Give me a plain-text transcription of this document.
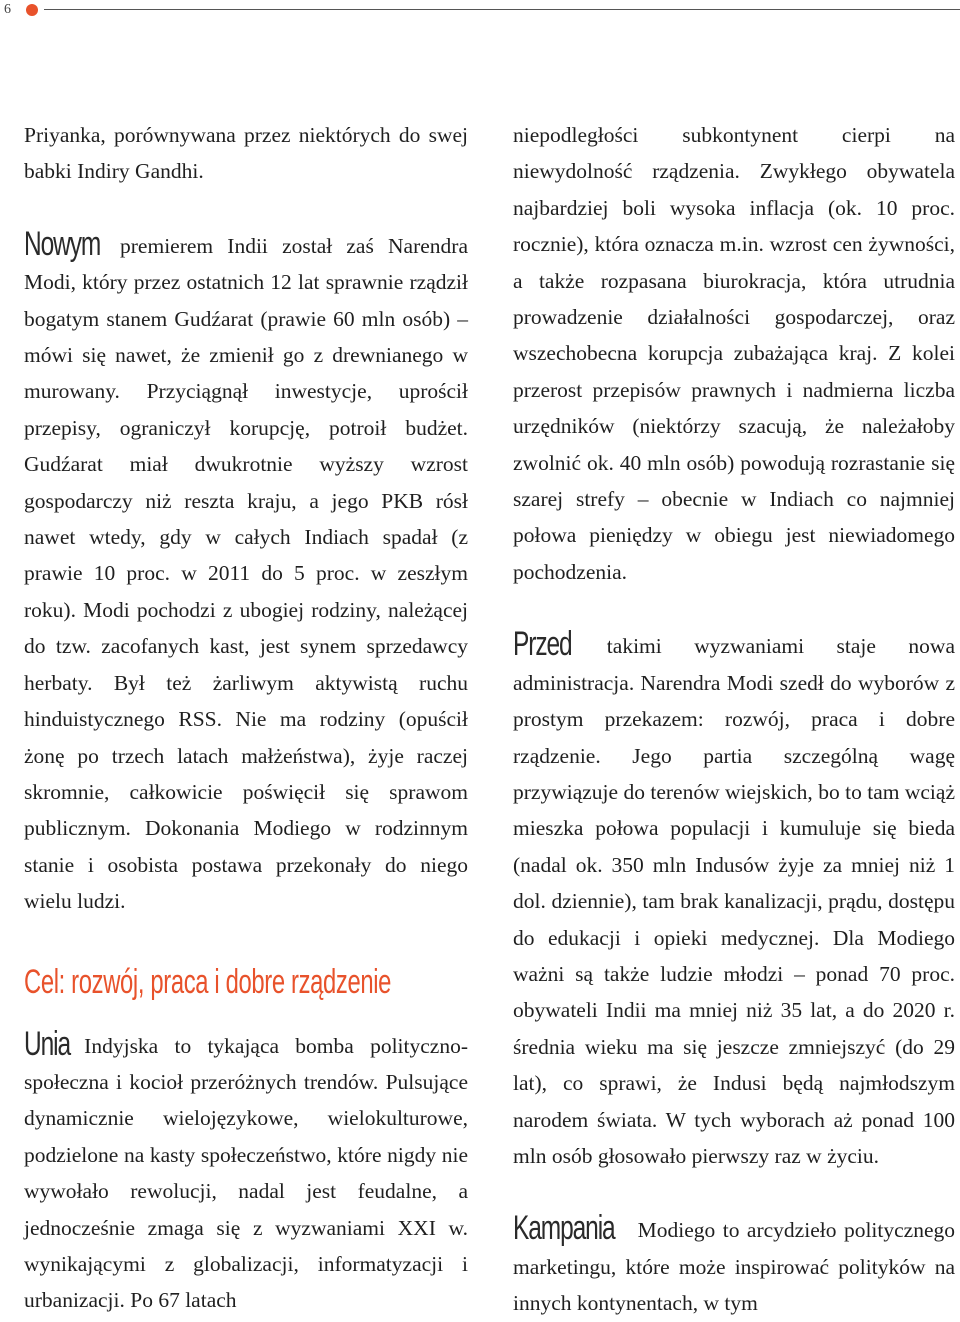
6

Priyanka, porównywana przez niektórych do swej babki Indiry Gandhi.

Nowym premierem Indii został zaś Narendra Modi, który przez ostatnich 12 lat sprawnie rządził bogatym stanem Gudźarat (prawie 60 mln osób) – mówi się nawet, że zmienił go z drewnianego w murowany. Przyciągnął inwestycje, uprościł przepisy, ograniczył korupcję, potroił budżet. Gudźarat miał dwukrotnie wyższy wzrost gospodarczy niż reszta kraju, a jego PKB rósł nawet wtedy, gdy w całych Indiach spadał (z prawie 10 proc. w 2011 do 5 proc. w zeszłym roku). Modi pochodzi z ubogiej rodziny, należącej do tzw. zacofanych kast, jest synem sprzedawcy herbaty. Był też żarliwym aktywistą ruchu hinduistycznego RSS. Nie ma rodziny (opuścił żonę po trzech latach małżeństwa), żyje raczej skromnie, całkowicie poświęcił się sprawom publicznym. Dokonania Modiego w rodzinnym stanie i osobista postawa przekonały do niego wielu ludzi.

Cel: rozwój, praca i dobre rządzenie

Unia Indyjska to tykająca bomba polityczno-społeczna i kocioł przeróżnych trendów. Pulsujące dynamicznie wielojęzykowe, wielokulturowe, podzielone na kasty społeczeństwo, które nigdy nie wywołało rewolucji, nadal jest feudalne, a jednocześnie zmaga się z wyzwaniami XXI w. wynikającymi z globalizacji, informatyzacji i urbanizacji. Po 67 latach

niepodległości subkontynent cierpi na niewydolność rządzenia. Zwykłego obywatela najbardziej boli wysoka inflacja (ok. 10 proc. rocznie), która oznacza m.in. wzrost cen żywności, a także rozpasana biurokracja, która utrudnia prowadzenie działalności gospodarczej, oraz wszechobecna korupcja zubażająca kraj. Z kolei przerost przepisów prawnych i nadmierna liczba urzędników (niektórzy szacują, że należałoby zwolnić ok. 40 mln osób) powodują rozrastanie się szarej strefy – obecnie w Indiach co najmniej połowa pieniędzy w obiegu jest niewiadomego pochodzenia.

Przed takimi wyzwaniami staje nowa administracja. Narendra Modi szedł do wyborów z prostym przekazem: rozwój, praca i dobre rządzenie. Jego partia szczególną wagę przywiązuje do terenów wiejskich, bo to tam wciąż mieszka połowa populacji i kumuluje się bieda (nadal ok. 350 mln Indusów żyje za mniej niż 1 dol. dziennie), tam brak kanalizacji, prądu, dostępu do edukacji i opieki medycznej. Dla Modiego ważni są także ludzie młodzi – ponad 70 proc. obywateli Indii ma mniej niż 35 lat, a do 2020 r. średnia wieku ma się jeszcze zmniejszyć (do 29 lat), co sprawi, że Indusi będą najmłodszym narodem świata. W tych wyborach aż ponad 100 mln osób głosowało pierwszy raz w życiu.

Kampania Modiego to arcydzieło politycznego marketingu, które może inspirować polityków na innych kontynentach, w tym
